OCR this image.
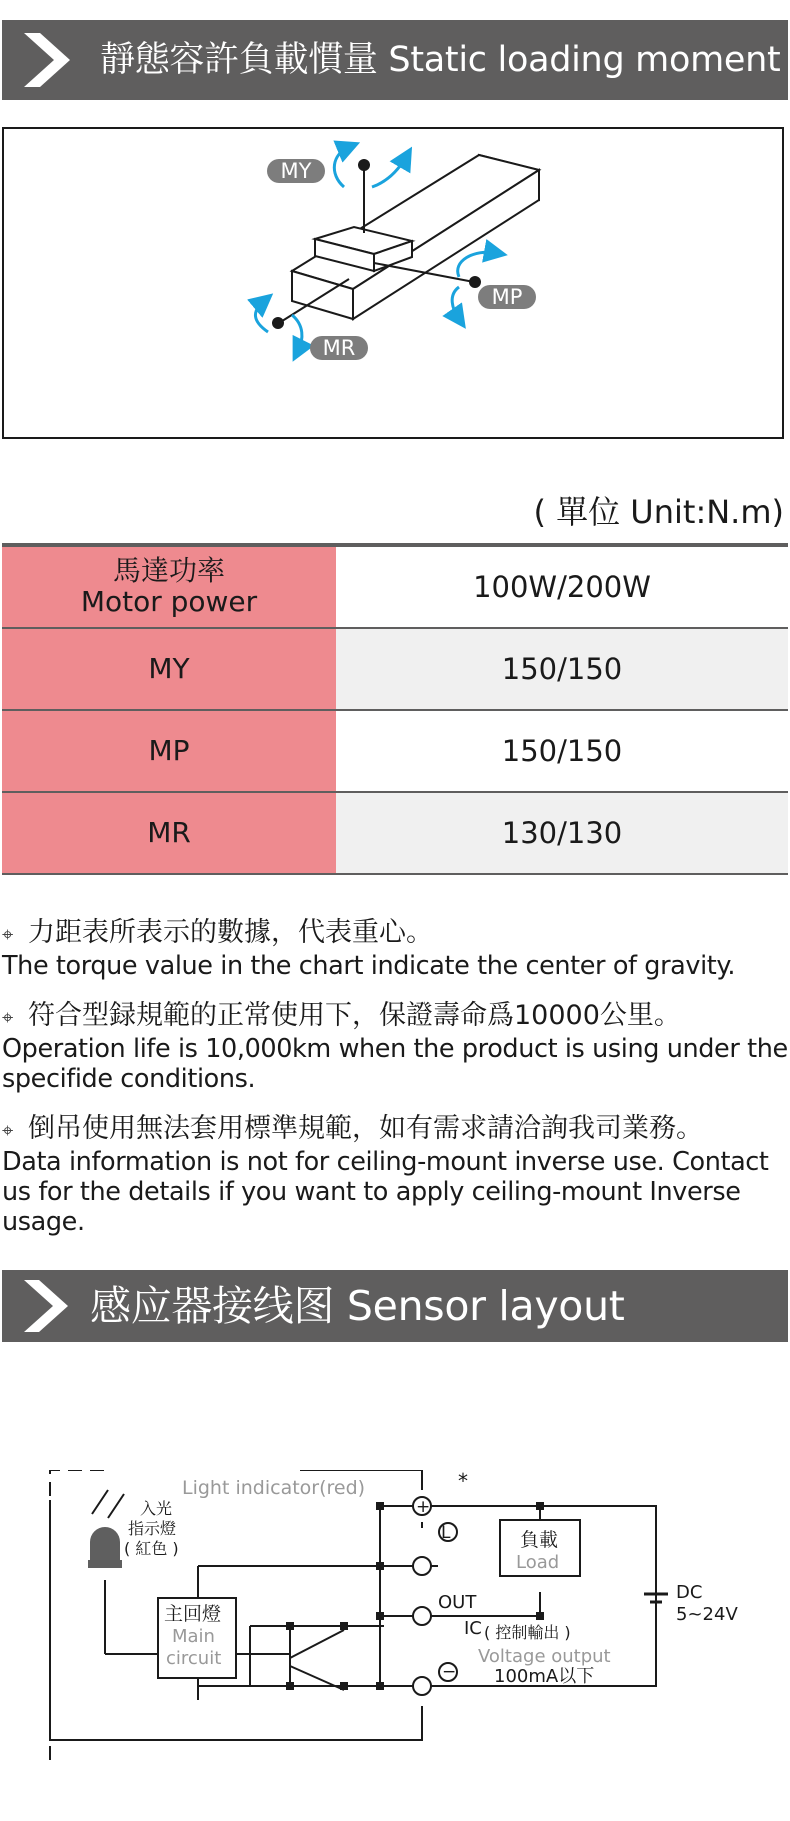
靜態容許負載慣量 Static loading moment
MY
MP
MR
( 單位 Unit:N.m)
馬達功率
Motor power	100W/200W
MY	150/150
MP	150/150
MR	130/130
⌖ 力距表所表示的數據，代表重心。
The torque value in the chart indicate the center of gravity.
⌖ 符合型録規範的正常使用下，保證壽命爲10000公里。
Operation life is 10,000km when the product is using under the specifide conditions.
⌖ 倒吊使用無法套用標準規範，如有需求請洽詢我司業務。
Data information is not for ceiling-mount inverse use. Contact us for the details if you want to apply ceiling-mount Inverse usage.
感应器接线图 Sensor layout
Light indicator(red)
入光
指示燈
( 紅色 )
主回燈
Main
circuit
負載
Load
OUT
IC ( 控制輸出 )
Voltage output
100mA以下
DC
5~24V
L
+
−
*
